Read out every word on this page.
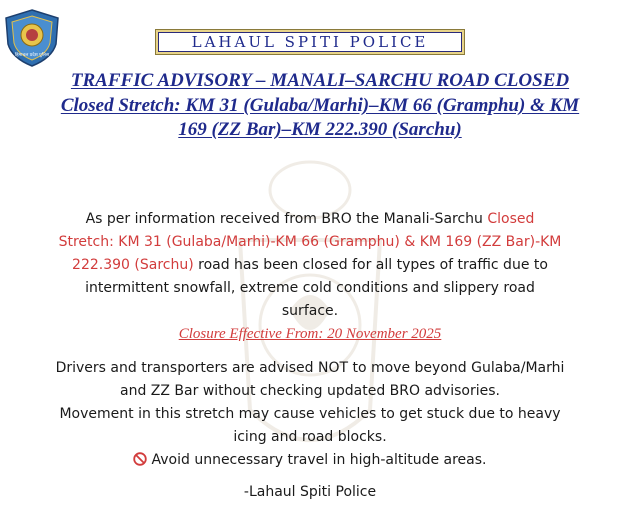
हिमाचल प्रदेश पुलिस
LAHAUL SPITI POLICE
TRAFFIC ADVISORY – MANALI–SARCHU ROAD CLOSED
Closed Stretch: KM 31 (Gulaba/Marhi)–KM 66 (Gramphu) & KM
169 (ZZ Bar)–KM 222.390 (Sarchu)
As per information received from BRO the Manali-Sarchu Closed
Stretch: KM 31 (Gulaba/Marhi)-KM 66 (Gramphu) & KM 169 (ZZ Bar)-KM
222.390 (Sarchu) road has been closed for all types of traffic due to
intermittent snowfall, extreme cold conditions and slippery road
surface.
Closure Effective From: 20 November 2025
Drivers and transporters are advised NOT to move beyond Gulaba/Marhi
and ZZ Bar without checking updated BRO advisories.
Movement in this stretch may cause vehicles to get stuck due to heavy
icing and road blocks.
Avoid unnecessary travel in high-altitude areas.
-Lahaul Spiti Police
